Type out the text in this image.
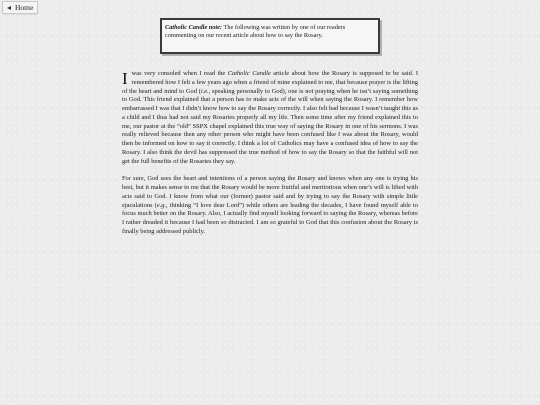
Home
Catholic Candle note: The following was written by one of our readers commenting on our recent article about how to say the Rosary.

I was very consoled when I read the Catholic Candle article about how the Rosary is supposed to be said. I remembered how I felt a few years ago when a friend of mine explained to me, that because prayer is the lifting of the heart and mind to God (i.e., speaking personally to God), one is not praying when he isn’t saying something to God. This friend explained that a person has to make acts of the will when saying the Rosary. I remember how embarrassed I was that I didn’t know how to say the Rosary correctly. I also felt bad because I wasn’t taught this as a child and I thus had not said my Rosaries properly all my life. Then some time after my friend explained this to me, our pastor at the “old” SSPX chapel explained this true way of saying the Rosary in one of his sermons. I was really relieved because then any other person who might have been confused like I was about the Rosary, would then be informed on how to say it correctly. I think a lot of Catholics may have a confused idea of how to say the Rosary. I also think the devil has suppressed the true method of how to say the Rosary so that the faithful will not get the full benefits of the Rosaries they say.

For sure, God sees the heart and intentions of a person saying the Rosary and knows when any one is trying his best, but it makes sense to me that the Rosary would be more fruitful and meritorious when one’s will is lifted with acts said to God. I know from what our (former) pastor said and by trying to say the Rosary with simple little ejaculations (e.g., thinking “I love dear Lord”) while others are leading the decades, I have found myself able to focus much better on the Rosary. Also, I actually find myself looking forward to saying the Rosary, whereas before I rather dreaded it because I had been so distracted. I am so grateful to God that this confusion about the Rosary is finally being addressed publicly.
